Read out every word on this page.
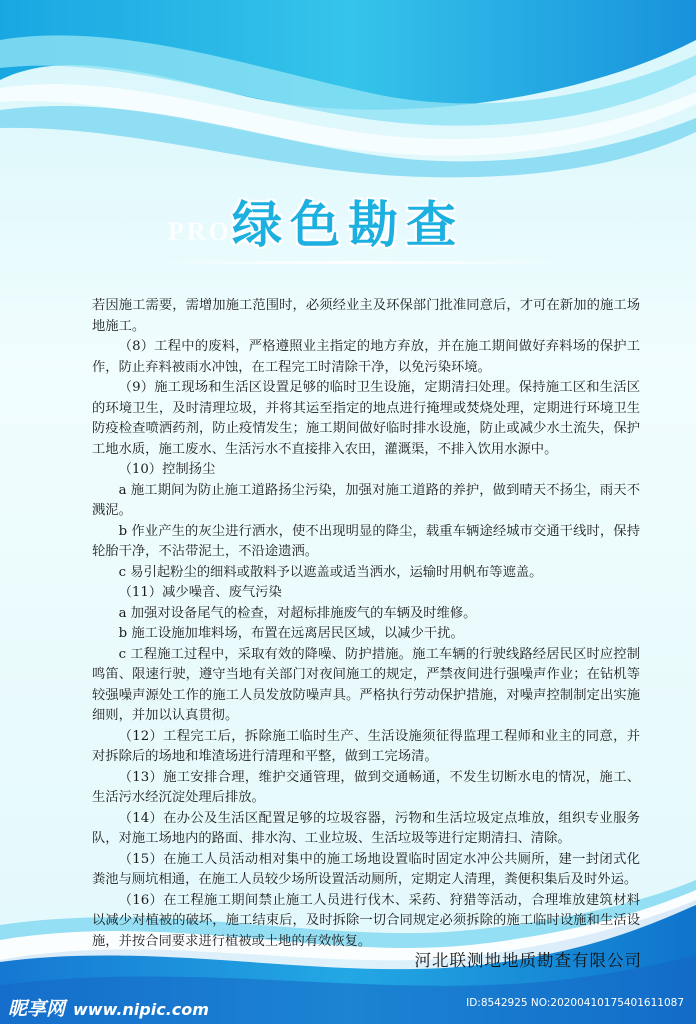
PROF
绿色勘查

若因施工需要，需增加施工范围时，必须经业主及环保部门批准同意后，才可在新加的施工场地施工。

（8）工程中的废料，严格遵照业主指定的地方弃放，并在施工期间做好弃料场的保护工作，防止弃料被雨水冲蚀，在工程完工时清除干净，以免污染环境。

（9）施工现场和生活区设置足够的临时卫生设施，定期清扫处理。保持施工区和生活区的环境卫生，及时清理垃圾，并将其运至指定的地点进行掩埋或焚烧处理，定期进行环境卫生防疫检查喷洒药剂，防止疫情发生；施工期间做好临时排水设施，防止或减少水土流失，保护工地水质，施工废水、生活污水不直接排入农田，灌溉渠，不排入饮用水源中。

（10）控制扬尘

a 施工期间为防止施工道路扬尘污染，加强对施工道路的养护，做到晴天不扬尘，雨天不溅泥。

b 作业产生的灰尘进行洒水，使不出现明显的降尘，载重车辆途经城市交通干线时，保持轮胎干净，不沾带泥土，不沿途遗洒。

c 易引起粉尘的细料或散料予以遮盖或适当洒水，运输时用帆布等遮盖。

（11）减少噪音、废气污染

a 加强对设备尾气的检查，对超标排施废气的车辆及时维修。

b 施工设施加堆料场，布置在远离居民区域，以减少干扰。

c 工程施工过程中，采取有效的降噪、防护措施。施工车辆的行驶线路经居民区时应控制鸣笛、限速行驶，遵守当地有关部门对夜间施工的规定，严禁夜间进行强噪声作业；在钻机等较强噪声源处工作的施工人员发放防噪声具。严格执行劳动保护措施，对噪声控制制定出实施细则，并加以认真贯彻。

（12）工程完工后，拆除施工临时生产、生活设施须征得监理工程师和业主的同意，并对拆除后的场地和堆渣场进行清理和平整，做到工完场清。

（13）施工安排合理，维护交通管理，做到交通畅通，不发生切断水电的情况，施工、生活污水经沉淀处理后排放。

（14）在办公及生活区配置足够的垃圾容器，污物和生活垃圾定点堆放，组织专业服务队，对施工场地内的路面、排水沟、工业垃圾、生活垃圾等进行定期清扫、清除。

（15）在施工人员活动相对集中的施工场地设置临时固定水冲公共厕所，建一封闭式化粪池与厕坑相通，在施工人员较少场所设置活动厕所，定期定人清理，粪便积集后及时外运。

（16）在工程施工期间禁止施工人员进行伐木、采药、狩猎等活动，合理堆放建筑材料以减少对植被的破坏，施工结束后，及时拆除一切合同规定必须拆除的施工临时设施和生活设施，并按合同要求进行植被或土地的有效恢复。

河北联测地地质勘查有限公司
昵享网 www.nipic.com	ID:8542925 NO:20200410175401611087
